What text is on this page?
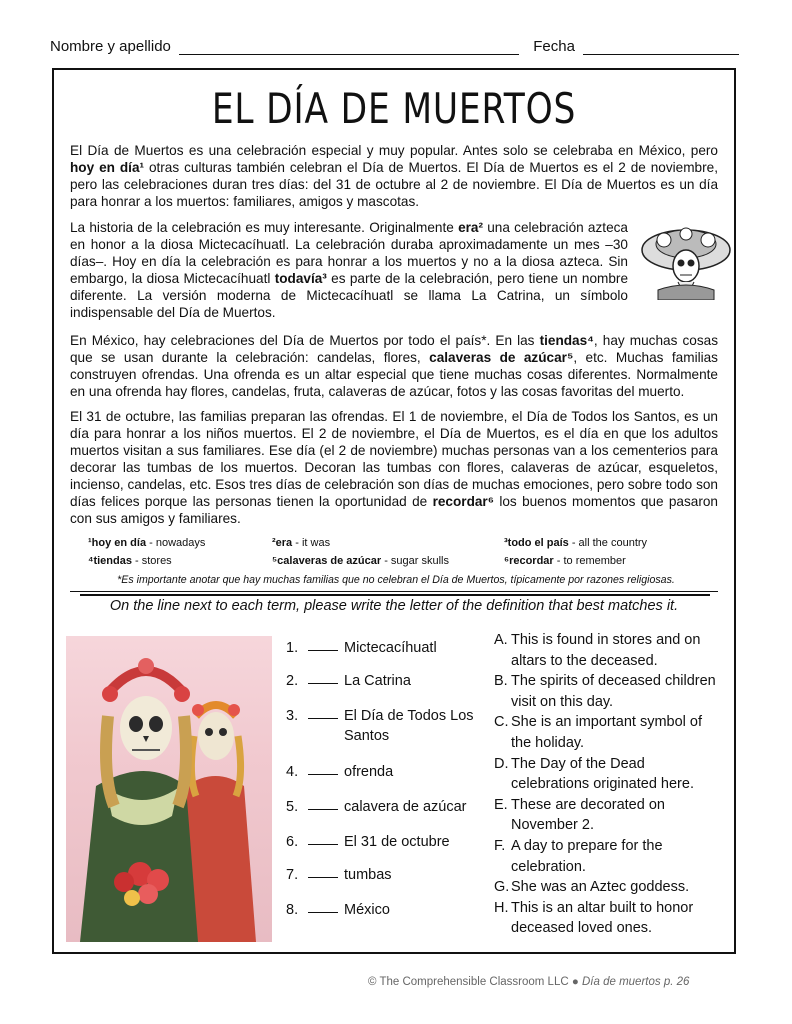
Nombre y apellido	Fecha
EL DÍA DE MUERTOS
El Día de Muertos es una celebración especial y muy popular. Antes solo se celebraba en México, pero hoy en día¹ otras culturas también celebran el Día de Muertos. El Día de Muertos es el 2 de noviembre, pero las celebraciones duran tres días: del 31 de octubre al 2 de noviembre. El Día de Muertos es un día para honrar a los muertos: familiares, amigos y mascotas.
La historia de la celebración es muy interesante. Originalmente era² una celebración azteca en honor a la diosa Mictecacíhuatl. La celebración duraba aproximadamente un mes –30 días–. Hoy en día la celebración es para honrar a los muertos y no a la diosa azteca. Sin embargo, la diosa Mictecacíhuatl todavía³ es parte de la celebración, pero tiene un nombre diferente. La versión moderna de Mictecacíhuatl se llama La Catrina, un símbolo indispensable del Día de Muertos.
En México, hay celebraciones del Día de Muertos por todo el país*. En las tiendas⁴, hay muchas cosas que se usan durante la celebración: candelas, flores, calaveras de azúcar⁵, etc. Muchas familias construyen ofrendas. Una ofrenda es un altar especial que tiene muchas cosas diferentes. Normalmente en una ofrenda hay flores, candelas, fruta, calaveras de azúcar, fotos y las cosas favoritas del muerto.
El 31 de octubre, las familias preparan las ofrendas. El 1 de noviembre, el Día de Todos los Santos, es un día para honrar a los niños muertos. El 2 de noviembre, el Día de Muertos, es el día en que los adultos muertos visitan a sus familiares. Ese día (el 2 de noviembre) muchas personas van a los cementerios para decorar las tumbas de los muertos. Decoran las tumbas con flores, calaveras de azúcar, esqueletos, incienso, candelas, etc. Esos tres días de celebración son días de muchas emociones, pero sobre todo son días felices porque las personas tienen la oportunidad de recordar⁶ los buenos momentos que pasaron con sus amigos y familiares.
¹hoy en día - nowadays	²era - it was	³todo el país - all the country
⁴tiendas - stores	⁵calaveras de azúcar - sugar skulls	⁶recordar - to remember
*Es importante anotar que hay muchas familias que no celebran el Día de Muertos, típicamente por razones religiosas.
On the line next to each term, please write the letter of the definition that best matches it.
1.	Mictecacíhuatl
2.	La Catrina
3.	El Día de Todos Los Santos
4.	ofrenda
5.	calavera de azúcar
6.	El 31 de octubre
7.	tumbas
8.	México
A. This is found in stores and on altars to the deceased.
B. The spirits of deceased children visit on this day.
C. She is an important symbol of the holiday.
D. The Day of the Dead celebrations originated here.
E. These are decorated on November 2.
F. A day to prepare for the celebration.
G. She was an Aztec goddess.
H. This is an altar built to honor deceased loved ones.
© The Comprehensible Classroom LLC ● Día de muertos p. 26
